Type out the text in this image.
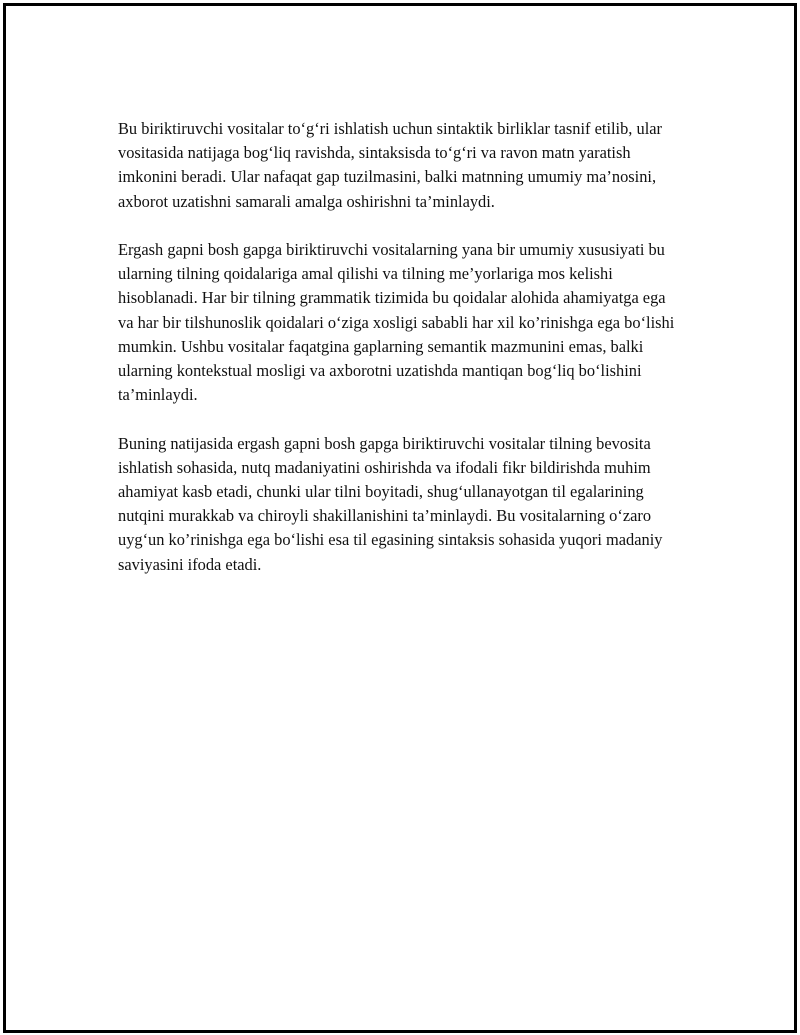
Bu biriktiruvchi vositalar to‘g‘ri ishlatish uchun sintaktik birliklar tasnif etilib, ular vositasida natijaga bog‘liq ravishda, sintaksisda to‘g‘ri va ravon matn yaratish imkonini beradi. Ular nafaqat gap tuzilmasini, balki matnning umumiy ma’nosini, axborot uzatishni samarali amalga oshirishni ta’minlaydi.

Ergash gapni bosh gapga biriktiruvchi vositalarning yana bir umumiy xususiyati bu ularning tilning qoidalariga amal qilishi va tilning me’yorlariga mos kelishi hisoblanadi. Har bir tilning grammatik tizimida bu qoidalar alohida ahamiyatga ega va har bir tilshunoslik qoidalari o‘ziga xosligi sababli har xil ko’rinishga ega bo‘lishi mumkin. Ushbu vositalar faqatgina gaplarning semantik mazmunini emas, balki ularning kontekstual mosligi va axborotni uzatishda mantiqan bog‘liq bo‘lishini ta’minlaydi.

Buning natijasida ergash gapni bosh gapga biriktiruvchi vositalar tilning bevosita ishlatish sohasida, nutq madaniyatini oshirishda va ifodali fikr bildirishda muhim ahamiyat kasb etadi, chunki ular tilni boyitadi, shug‘ullanayotgan til egalarining nutqini murakkab va chiroyli shakillanishini ta’minlaydi. Bu vositalarning o‘zaro uyg‘un ko’rinishga ega bo‘lishi esa til egasining sintaksis sohasida yuqori madaniy saviyasini ifoda etadi.
